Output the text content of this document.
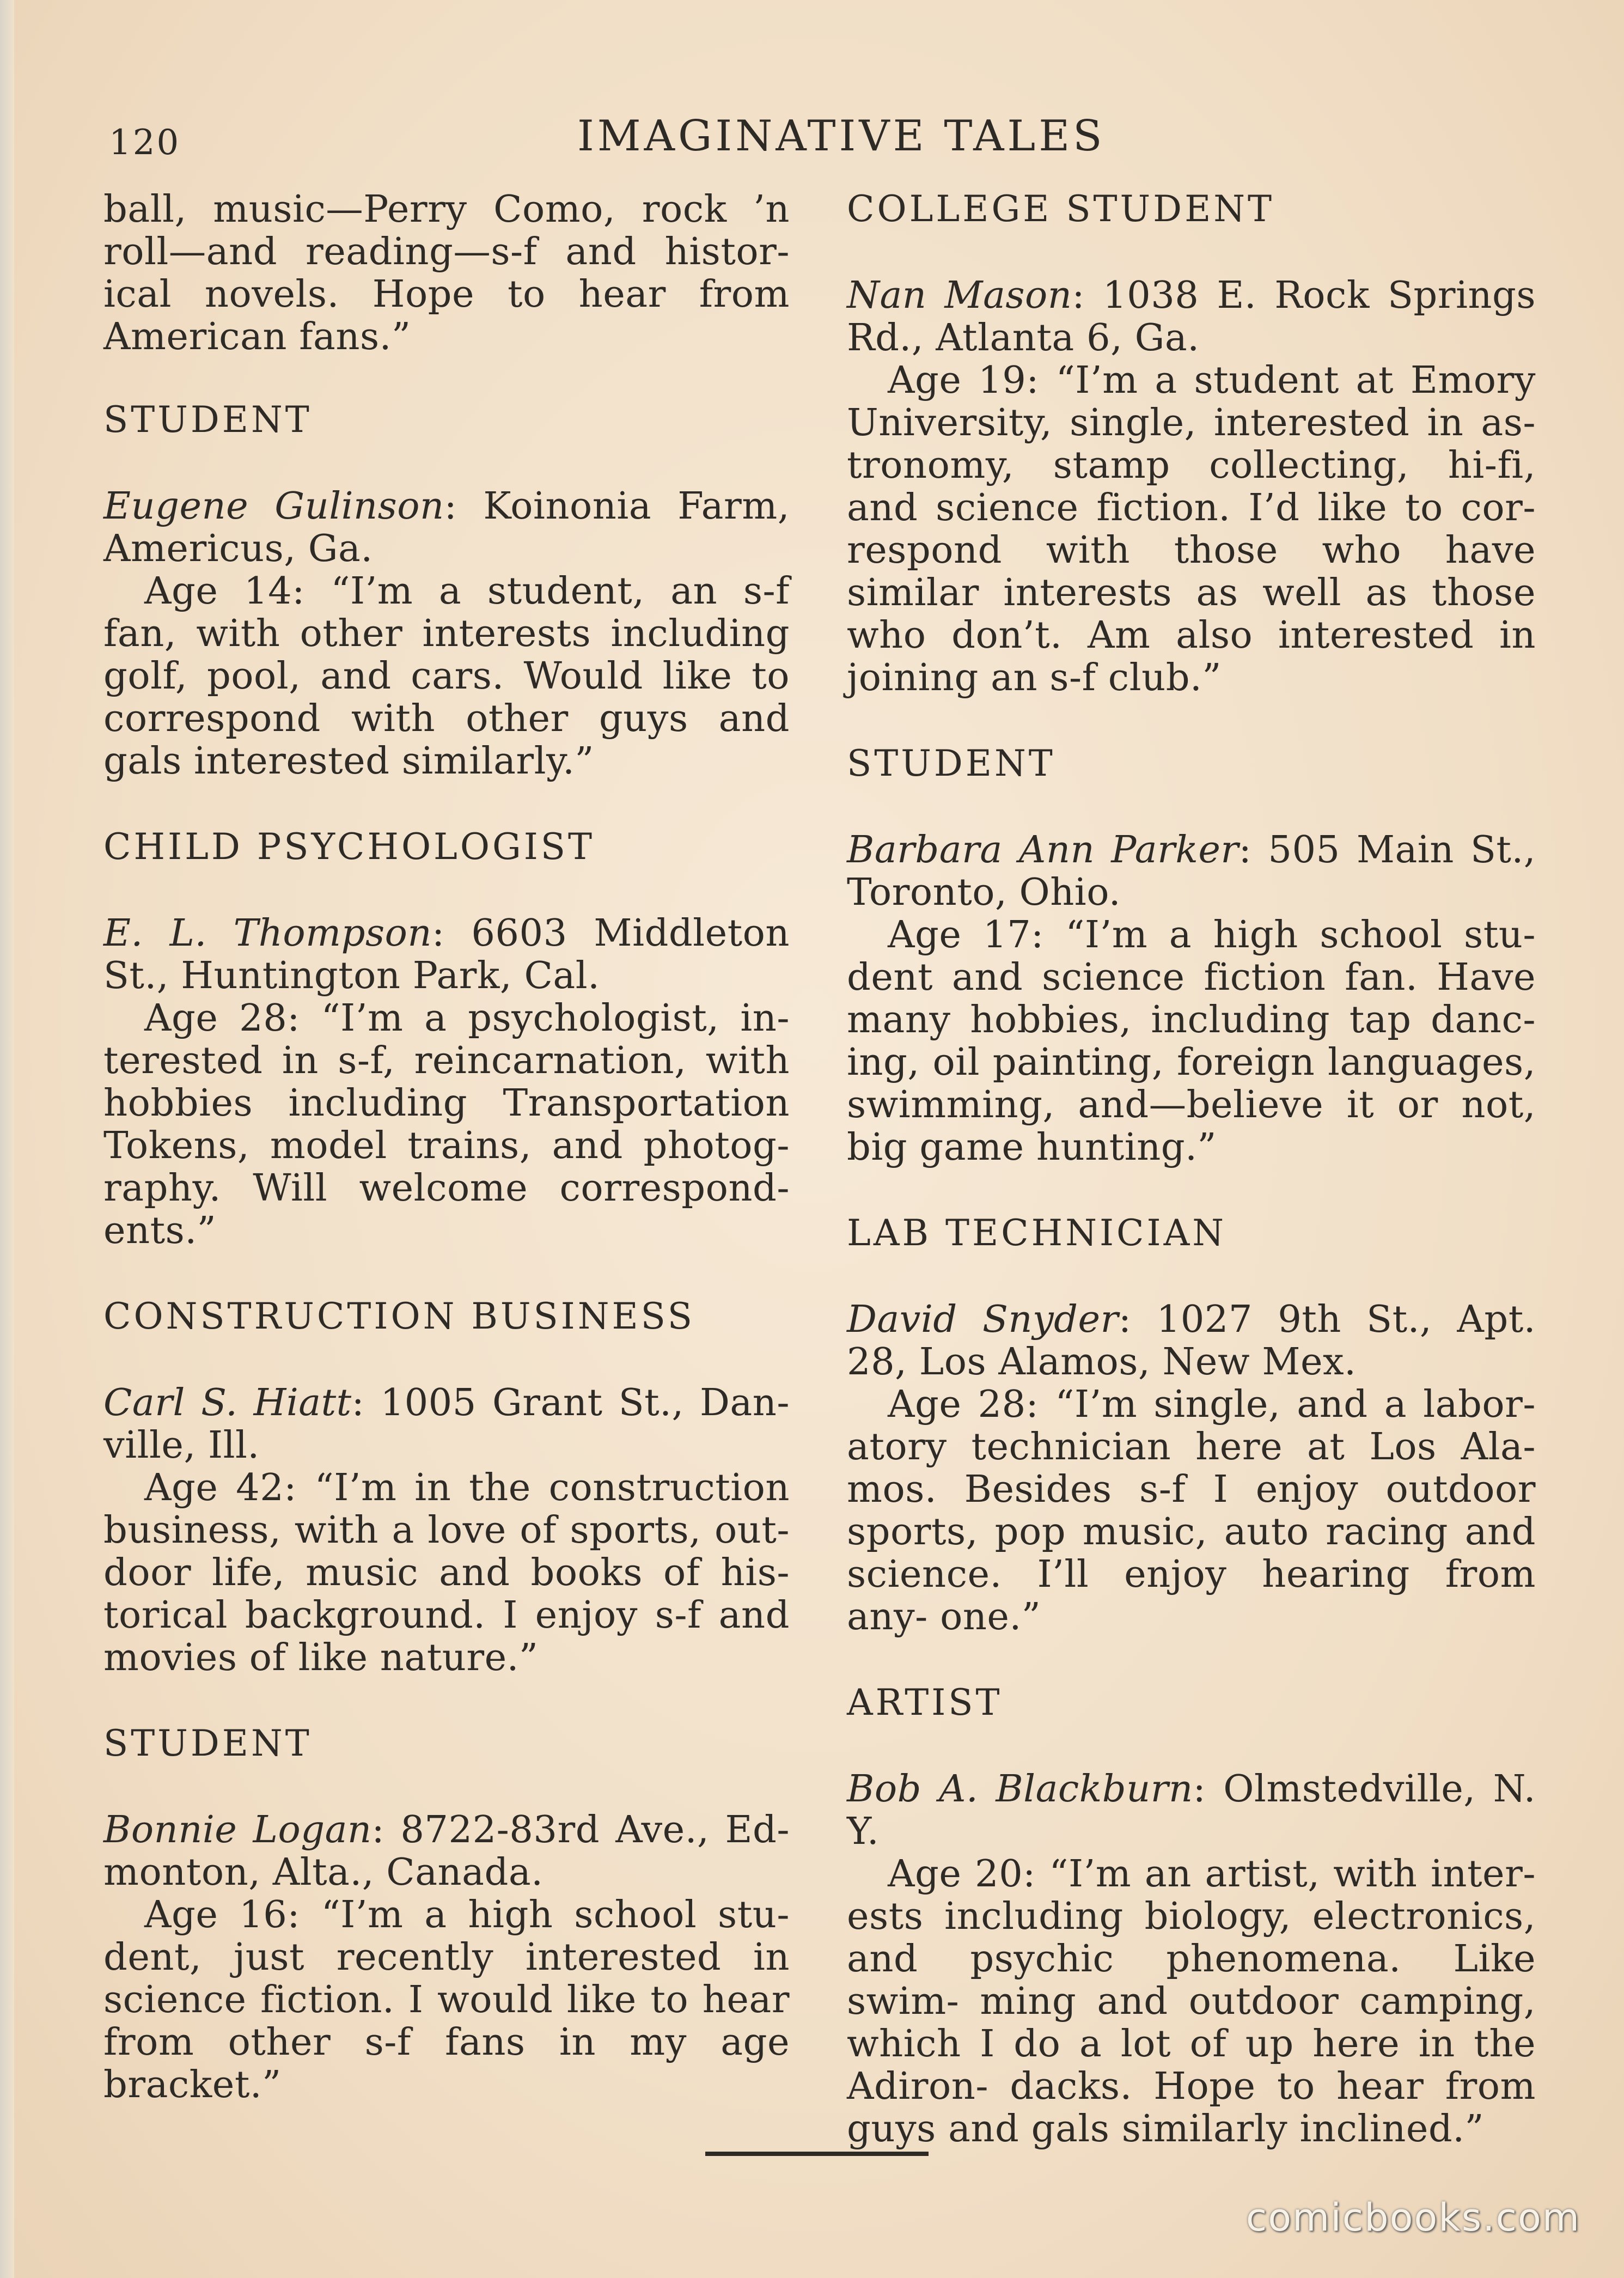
120	IMAGINATIVE TALES

ball, music—Perry Como, rock ’n roll—and reading—s-f and histor- ical novels. Hope to hear from American fans.”

STUDENT

Eugene Gulinson: Koinonia Farm, Americus, Ga.

Age 14: “I’m a student, an s-f fan, with other interests including golf, pool, and cars. Would like to correspond with other guys and gals interested similarly.”

CHILD PSYCHOLOGIST

E. L. Thompson: 6603 Middleton St., Huntington Park, Cal.

Age 28: “I’m a psychologist, in- terested in s-f, reincarnation, with hobbies including Transportation Tokens, model trains, and photog- raphy. Will welcome correspond- ents.”

CONSTRUCTION BUSINESS

Carl S. Hiatt: 1005 Grant St., Dan- ville, Ill.

Age 42: “I’m in the construction business, with a love of sports, out- door life, music and books of his- torical background. I enjoy s-f and movies of like nature.”

STUDENT

Bonnie Logan: 8722-83rd Ave., Ed- monton, Alta., Canada.

Age 16: “I’m a high school stu- dent, just recently interested in science fiction. I would like to hear from other s-f fans in my age bracket.”

COLLEGE STUDENT

Nan Mason: 1038 E. Rock Springs Rd., Atlanta 6, Ga.

Age 19: “I’m a student at Emory University, single, interested in as- tronomy, stamp collecting, hi-fi, and science fiction. I’d like to cor- respond with those who have similar interests as well as those who don’t. Am also interested in joining an s-f club.”

STUDENT

Barbara Ann Parker: 505 Main St., Toronto, Ohio.

Age 17: “I’m a high school stu- dent and science fiction fan. Have many hobbies, including tap danc- ing, oil painting, foreign languages, swimming, and—believe it or not, big game hunting.”

LAB TECHNICIAN

David Snyder: 1027 9th St., Apt. 28, Los Alamos, New Mex.

Age 28: “I’m single, and a labor- atory technician here at Los Ala- mos. Besides s-f I enjoy outdoor sports, pop music, auto racing and science. I’ll enjoy hearing from any- one.”

ARTIST

Bob A. Blackburn: Olmstedville, N. Y.

Age 20: “I’m an artist, with inter- ests including biology, electronics, and psychic phenomena. Like swim- ming and outdoor camping, which I do a lot of up here in the Adiron- dacks. Hope to hear from guys and gals similarly inclined.”

comicbooks.com
